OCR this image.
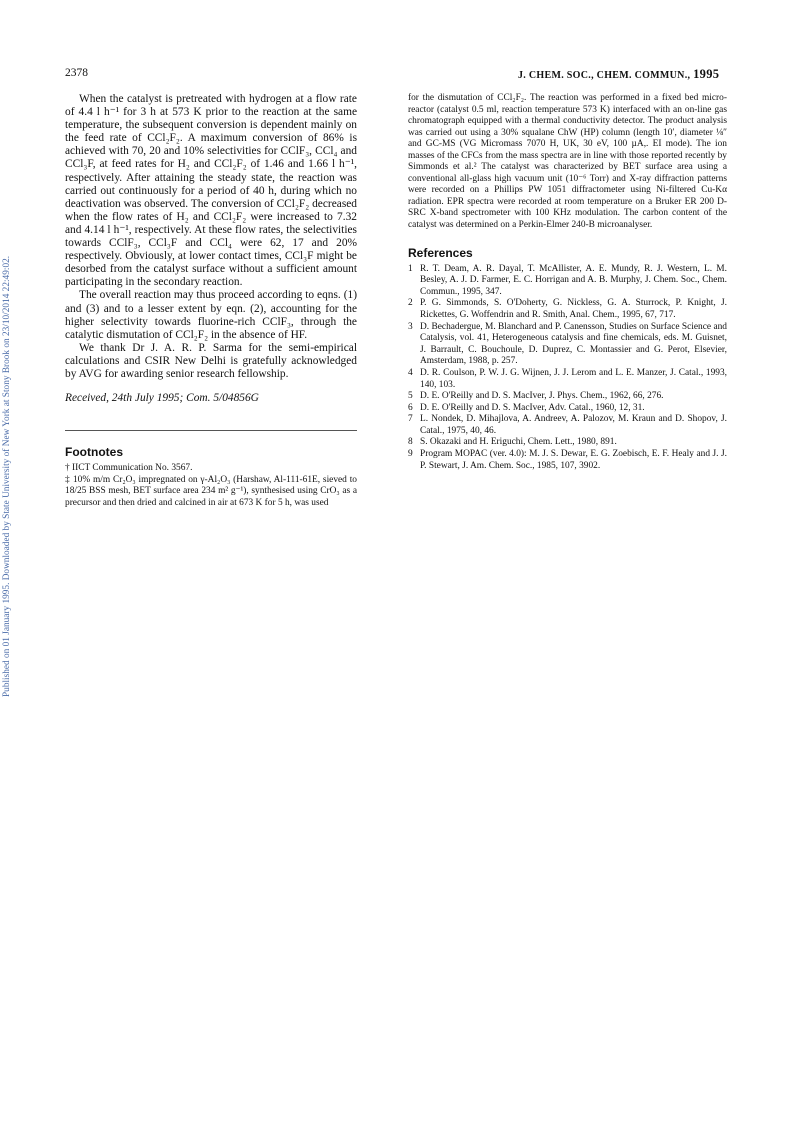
Published on 01 January 1995. Downloaded by State University of New York at Stony Brook on 23/10/2014 22:49:02.
2378	J. CHEM. SOC., CHEM. COMMUN., 1995

When the catalyst is pretreated with hydrogen at a flow rate of 4.4 l h⁻¹ for 3 h at 573 K prior to the reaction at the same temperature, the subsequent conversion is dependent mainly on the feed rate of CCl₂F₂. A maximum conversion of 86% is achieved with 70, 20 and 10% selectivities for CClF₃, CCl₄ and CCl₃F, at feed rates for H₂ and CCl₂F₂ of 1.46 and 1.66 l h⁻¹, respectively. After attaining the steady state, the reaction was carried out continuously for a period of 40 h, during which no deactivation was observed. The conversion of CCl₂F₂ decreased when the flow rates of H₂ and CCl₂F₂ were increased to 7.32 and 4.14 l h⁻¹, respectively. At these flow rates, the selectivities towards CClF₃, CCl₃F and CCl₄ were 62, 17 and 20% respectively. Obviously, at lower contact times, CCl₃F might be desorbed from the catalyst surface without a sufficient amount participating in the secondary reaction.

The overall reaction may thus proceed according to eqns. (1) and (3) and to a lesser extent by eqn. (2), accounting for the higher selectivity towards fluorine-rich CClF₃, through the catalytic dismutation of CCl₂F₂ in the absence of HF.

We thank Dr J. A. R. P. Sarma for the semi-empirical calculations and CSIR New Delhi is gratefully acknowledged by AVG for awarding senior research fellowship.

Received, 24th July 1995; Com. 5/04856G
Footnotes

† IICT Communication No. 3567.

‡ 10% m/m Cr₂O₃ impregnated on γ-Al₂O₃ (Harshaw, Al-111-61E, sieved to 18/25 BSS mesh, BET surface area 234 m² g⁻¹), synthesised using CrO₃ as a precursor and then dried and calcined in air at 673 K for 5 h, was used

for the dismutation of CCl₂F₂. The reaction was performed in a fixed bed micro-reactor (catalyst 0.5 ml, reaction temperature 573 K) interfaced with an on-line gas chromatograph equipped with a thermal conductivity detector. The product analysis was carried out using a 30% squalane ChW (HP) column (length 10′, diameter ⅛″ and GC-MS (VG Micromass 7070 H, UK, 30 eV, 100 µA,. EI mode). The ion masses of the CFCs from the mass spectra are in line with those reported recently by Simmonds et al.² The catalyst was characterized by BET surface area using a conventional all-glass high vacuum unit (10⁻⁶ Torr) and X-ray diffraction patterns were recorded on a Phillips PW 1051 diffractometer using Ni-filtered Cu-Kα radiation. EPR spectra were recorded at room temperature on a Bruker ER 200 D-SRC X-band spectrometer with 100 KHz modulation. The carbon content of the catalyst was determined on a Perkin-Elmer 240-B microanalyser.

References
1 R. T. Deam, A. R. Dayal, T. McAllister, A. E. Mundy, R. J. Western, L. M. Besley, A. J. D. Farmer, E. C. Horrigan and A. B. Murphy, J. Chem. Soc., Chem. Commun., 1995, 347.
2 P. G. Simmonds, S. O'Doherty, G. Nickless, G. A. Sturrock, P. Knight, J. Rickettes, G. Woffendrin and R. Smith, Anal. Chem., 1995, 67, 717.
3 D. Bechadergue, M. Blanchard and P. Canensson, Studies on Surface Science and Catalysis, vol. 41, Heterogeneous catalysis and fine chemicals, eds. M. Guisnet, J. Barrault, C. Bouchoule, D. Duprez, C. Montassier and G. Perot, Elsevier, Amsterdam, 1988, p. 257.
4 D. R. Coulson, P. W. J. G. Wijnen, J. J. Lerom and L. E. Manzer, J. Catal., 1993, 140, 103.
5 D. E. O'Reilly and D. S. MacIver, J. Phys. Chem., 1962, 66, 276.
6 D. E. O'Reilly and D. S. MacIver, Adv. Catal., 1960, 12, 31.
7 L. Nondek, D. Mihajlova, A. Andreev, A. Palozov, M. Kraun and D. Shopov, J. Catal., 1975, 40, 46.
8 S. Okazaki and H. Eriguchi, Chem. Lett., 1980, 891.
9 Program MOPAC (ver. 4.0): M. J. S. Dewar, E. G. Zoebisch, E. F. Healy and J. J. P. Stewart, J. Am. Chem. Soc., 1985, 107, 3902.
